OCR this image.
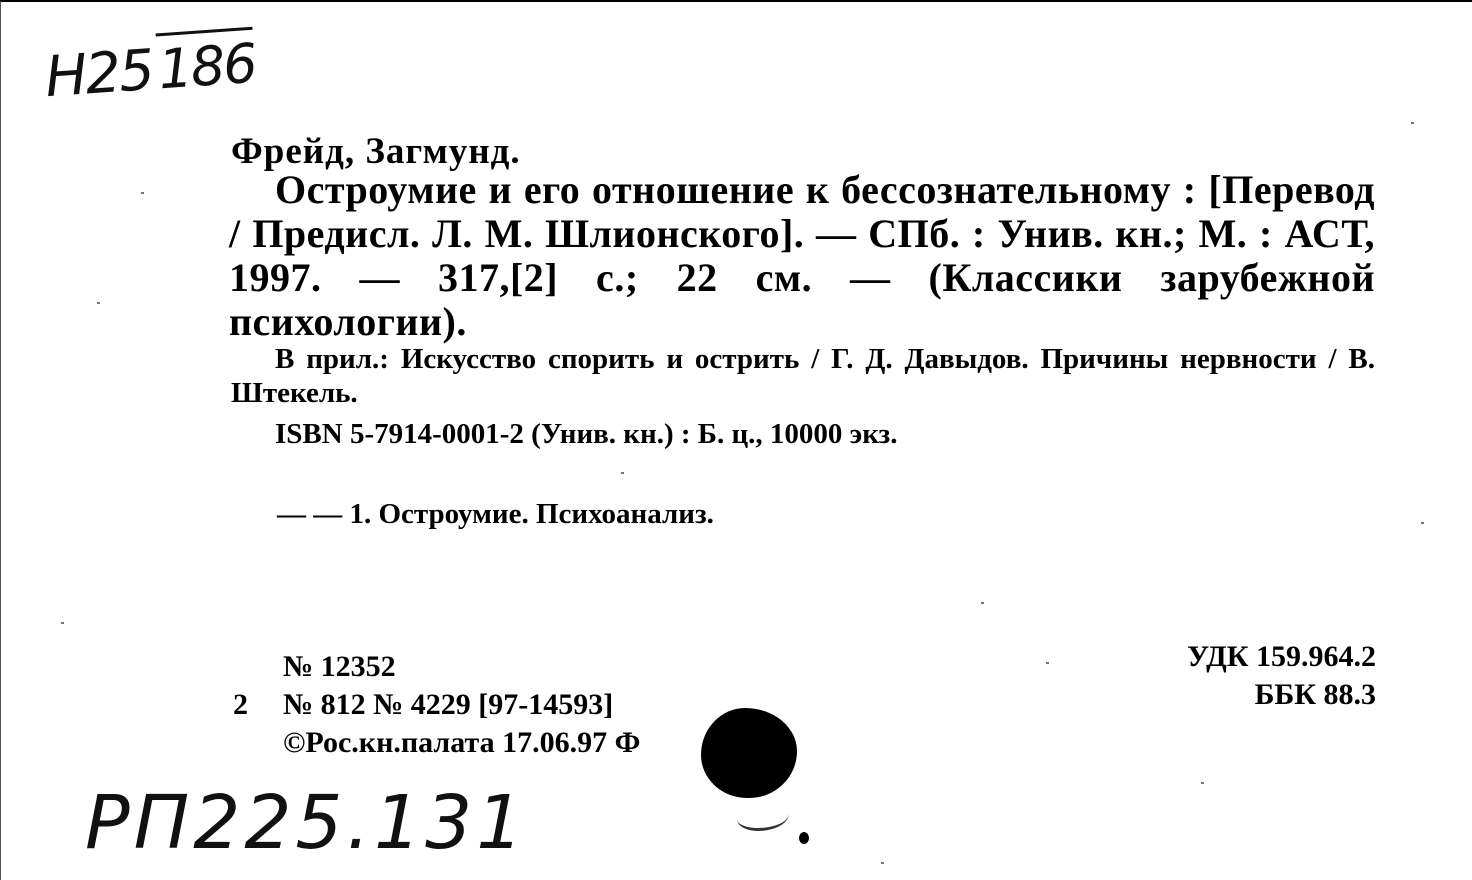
Н25186
Фрейд, Загмунд.
Остроумие и его отношение к бессознательному : [Перевод / Предисл. Л. М. Шлионского]. — СПб. : Унив. кн.; М. : АСТ, 1997. — 317,[2] с.; 22 см. — (Классики зарубежной психологии).
В прил.: Искусство спорить и острить / Г. Д. Давыдов. Причины нервности / В. Штекель.
ISBN 5-7914-0001-2 (Унив. кн.) : Б. ц., 10000 экз.
— — 1. Остроумие. Психоанализ.
№ 12352
2 № 812 № 4229 [97-14593]
©Рос.кн.палата 17.06.97 Ф
УДК 159.964.2
ББК 88.3
РП225.131
